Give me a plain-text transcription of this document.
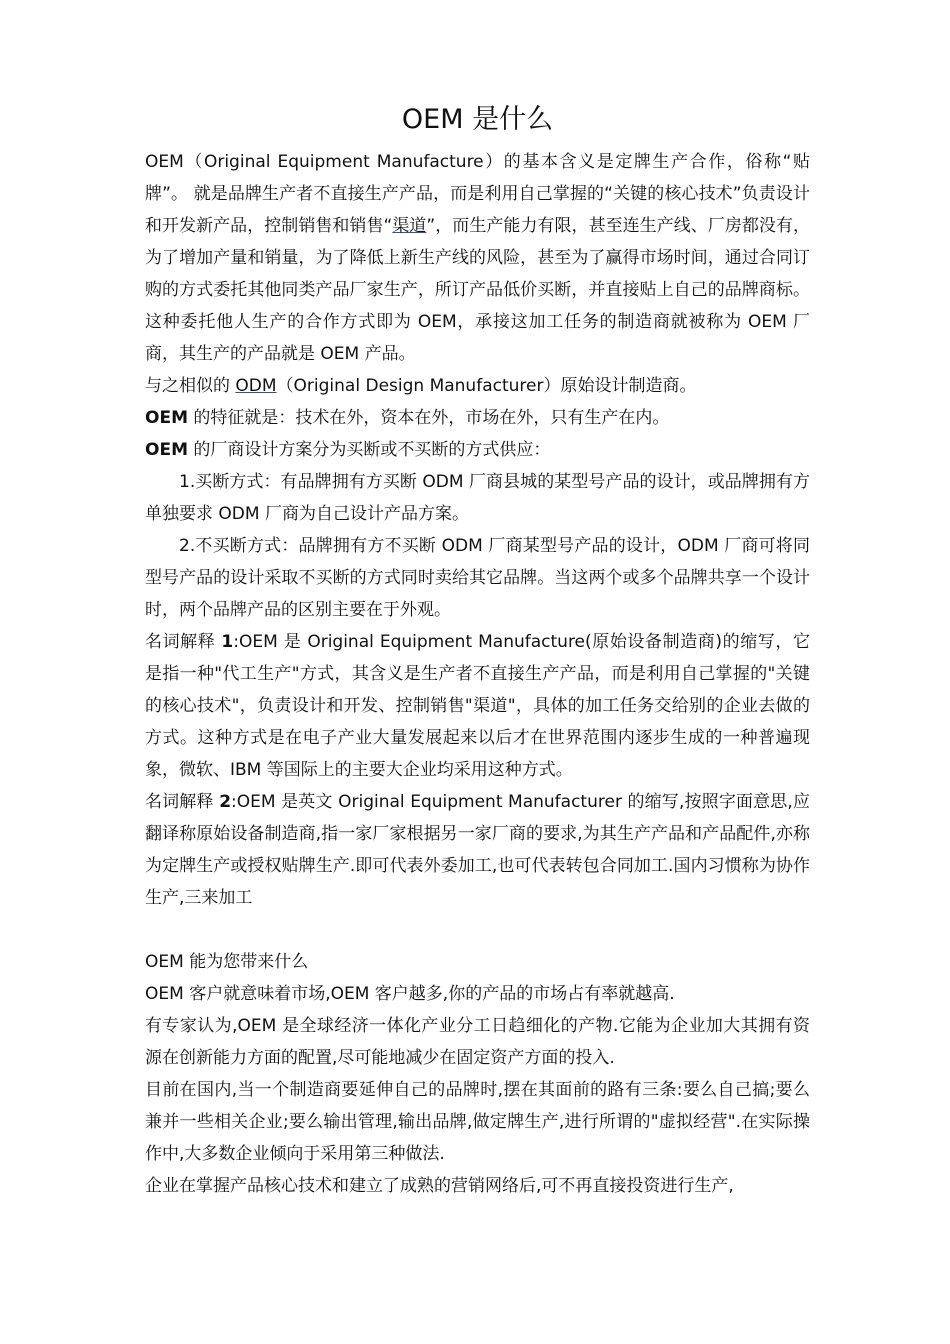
OEM 是什么

OEM（Original Equipment Manufacture）的基本含义是定牌生产合作，俗称“贴牌”。 就是品牌生产者不直接生产产品，而是利用自己掌握的“关键的核心技术”负责设计和开发新产品，控制销售和销售“渠道”，而生产能力有限，甚至连生产线、厂房都没有，为了增加产量和销量，为了降低上新生产线的风险，甚至为了赢得市场时间，通过合同订购的方式委托其他同类产品厂家生产，所订产品低价买断，并直接贴上自己的品牌商标。这种委托他人生产的合作方式即为 OEM，承接这加工任务的制造商就被称为 OEM 厂商，其生产的产品就是 OEM 产品。

与之相似的 ODM（Original Design Manufacturer）原始设计制造商。

OEM 的特征就是：技术在外，资本在外，市场在外，只有生产在内。

OEM 的厂商设计方案分为买断或不买断的方式供应：

1.买断方式：有品牌拥有方买断 ODM 厂商县城的某型号产品的设计，或品牌拥有方单独要求 ODM 厂商为自己设计产品方案。

2.不买断方式：品牌拥有方不买断 ODM 厂商某型号产品的设计，ODM 厂商可将同型号产品的设计采取不买断的方式同时卖给其它品牌。当这两个或多个品牌共享一个设计时，两个品牌产品的区别主要在于外观。

名词解释 1:OEM 是 Original Equipment Manufacture(原始设备制造商)的缩写，它是指一种"代工生产"方式，其含义是生产者不直接生产产品，而是利用自己掌握的"关键的核心技术"，负责设计和开发、控制销售"渠道"，具体的加工任务交给别的企业去做的方式。这种方式是在电子产业大量发展起来以后才在世界范围内逐步生成的一种普遍现象，微软、IBM 等国际上的主要大企业均采用这种方式。

名词解释 2:OEM 是英文 Original Equipment Manufacturer 的缩写,按照字面意思,应翻译称原始设备制造商,指一家厂家根据另一家厂商的要求,为其生产产品和产品配件,亦称为定牌生产或授权贴牌生产.即可代表外委加工,也可代表转包合同加工.国内习惯称为协作生产,三来加工

OEM 能为您带来什么

OEM 客户就意味着市场,OEM 客户越多,你的产品的市场占有率就越高.

有专家认为,OEM 是全球经济一体化产业分工日趋细化的产物.它能为企业加大其拥有资源在创新能力方面的配置,尽可能地减少在固定资产方面的投入.

目前在国内,当一个制造商要延伸自己的品牌时,摆在其面前的路有三条:要么自己搞;要么兼并一些相关企业;要么输出管理,输出品牌,做定牌生产,进行所谓的"虚拟经营".在实际操作中,大多数企业倾向于采用第三种做法.

企业在掌握产品核心技术和建立了成熟的营销网络后,可不再直接投资进行生产,
